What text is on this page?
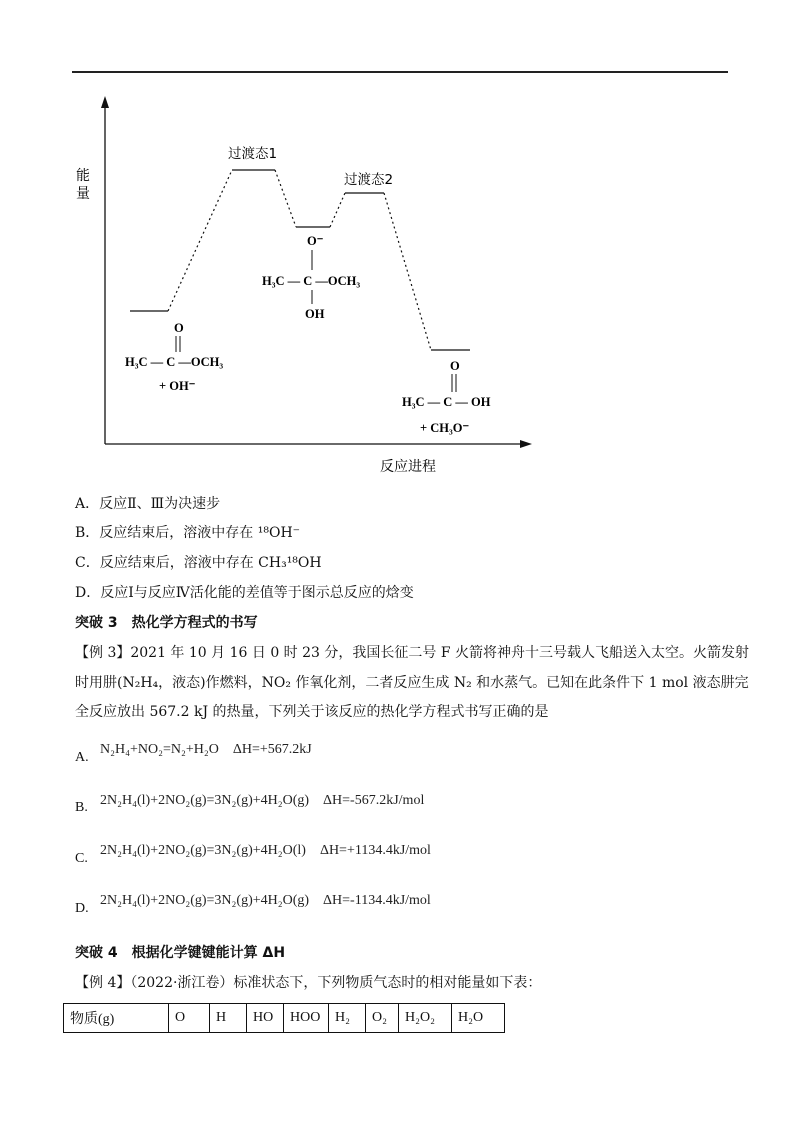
能
量
过渡态1
过渡态2
反应进程
O
H₃C — C —OCH₃
+ OH⁻
O⁻
H₃C — C —OCH₃
OH
O
H₃C — C — OH
+ CH₃O⁻
A．反应Ⅱ、Ⅲ为决速步
B．反应结束后，溶液中存在 ¹⁸OH⁻
C．反应结束后，溶液中存在 CH₃¹⁸OH
D．反应Ⅰ与反应Ⅳ活化能的差值等于图示总反应的焓变
突破 3　热化学方程式的书写
【例 3】2021 年 10 月 16 日 0 时 23 分，我国长征二号 F 火箭将神舟十三号载人飞船送入太空。火箭发射
时用肼(N₂H₄，液态)作燃料，NO₂ 作氧化剂，二者反应生成 N₂ 和水蒸气。已知在此条件下 1 mol 液态肼完
全反应放出 567.2 kJ 的热量，下列关于该反应的热化学方程式书写正确的是
N₂H₄+NO₂=N₂+H₂O　ΔH=+567.2kJ
A.
2N₂H₄(l)+2NO₂(g)=3N₂(g)+4H₂O(g)　ΔH=-567.2kJ/mol
B.
2N₂H₄(l)+2NO₂(g)=3N₂(g)+4H₂O(l)　ΔH=+1134.4kJ/mol
C.
2N₂H₄(l)+2NO₂(g)=3N₂(g)+4H₂O(g)　ΔH=-1134.4kJ/mol
D.
突破 4　根据化学键键能计算 ΔH
【例 4】（2022·浙江卷）标准状态下，下列物质气态时的相对能量如下表：
物质(g)	O	H	HO	HOO	H₂	O₂	H₂O₂	H₂O
